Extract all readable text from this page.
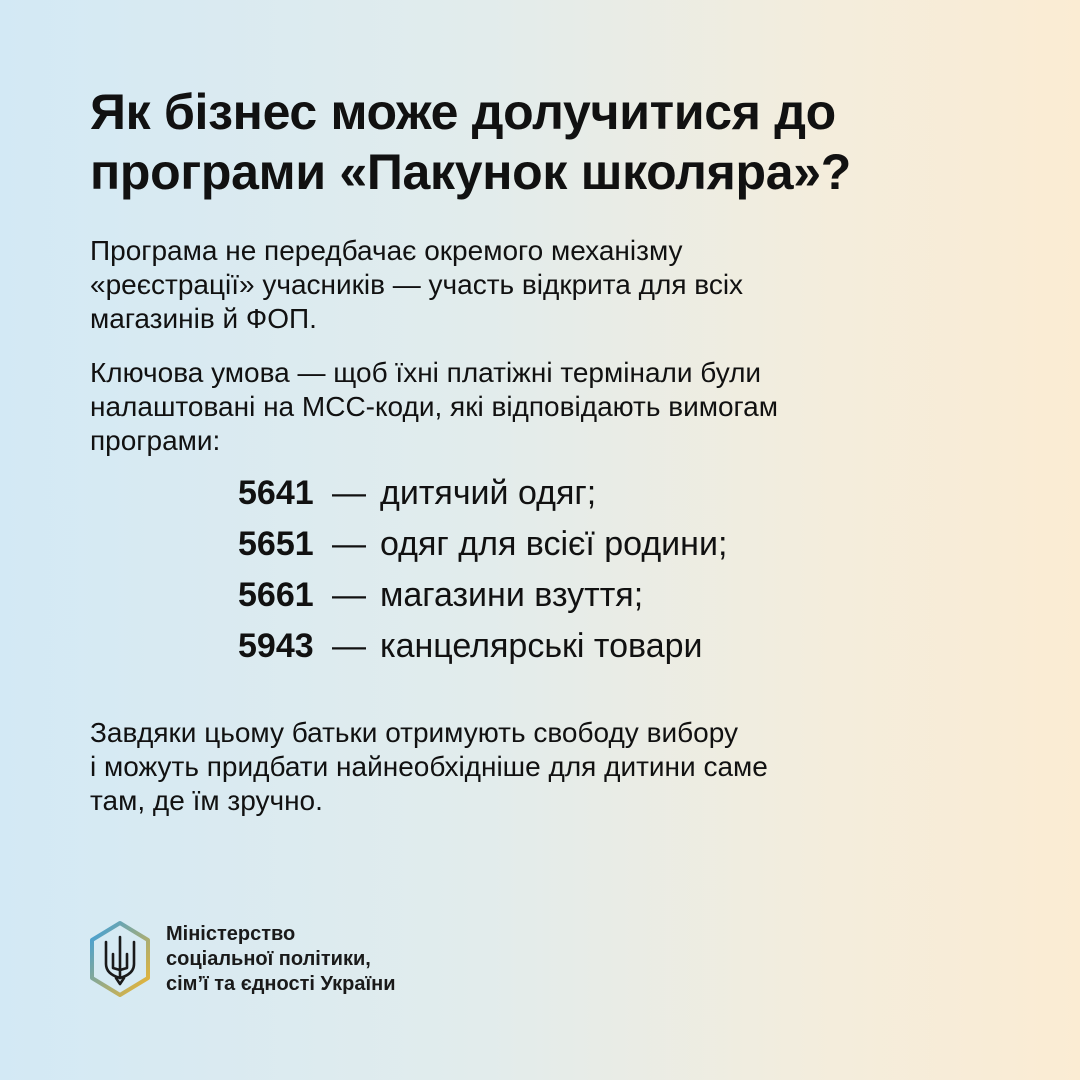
Як бізнес може долучитися до
програми «Пакунок школяра»?

Програма не передбачає окремого механізму
«реєстрації» учасників — участь відкрита для всіх
магазинів й ФОП.

Ключова умова — щоб їхні платіжні термінали були
налаштовані на МСС-коди, які відповідають вимогам
програми:

5641 — дитячий одяг;
5651 — одяг для всієї родини;
5661 — магазини взуття;
5943 — канцелярські товари

Завдяки цьому батьки отримують свободу вибору
і можуть придбати найнеобхідніше для дитини саме
там, де їм зручно.

Міністерство
соціальної політики,
сім’ї та єдності України
